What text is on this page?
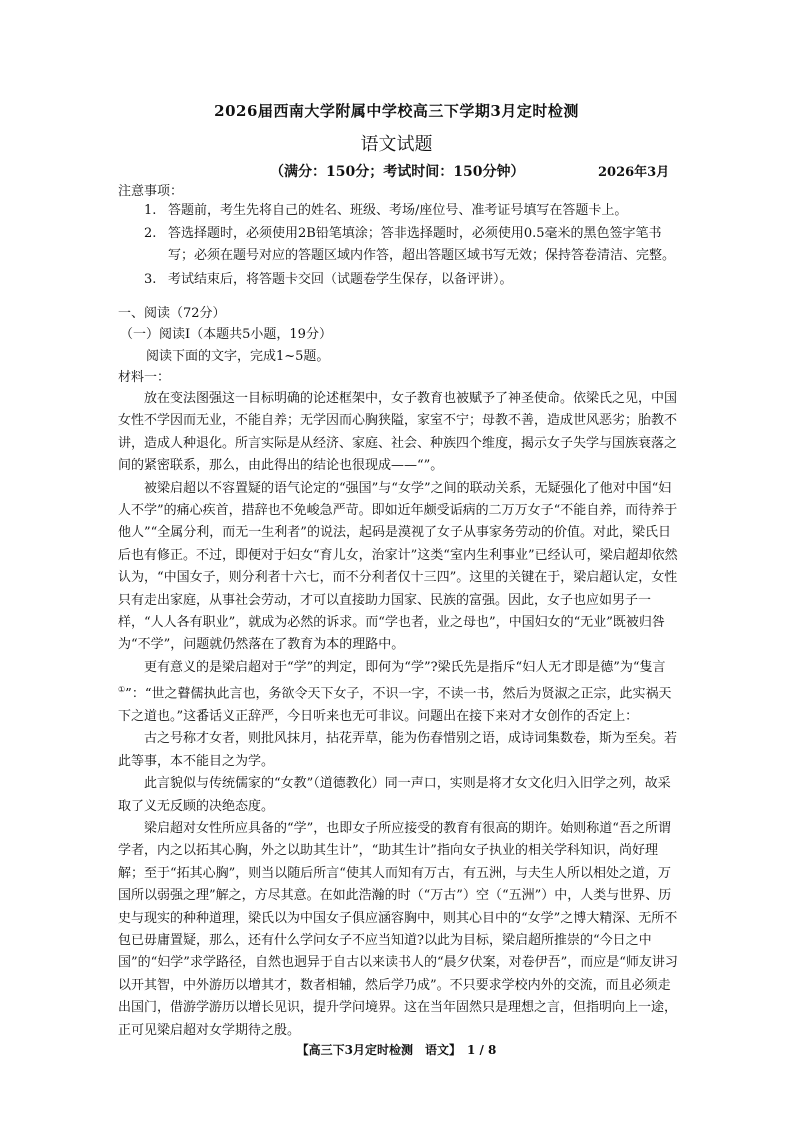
2026届西南大学附属中学校高三下学期3月定时检测
语文试题
（满分：150分；考试时间：150分钟）	2026年3月
注意事项：
1. 答题前，考生先将自己的姓名、班级、考场/座位号、准考证号填写在答题卡上。
2. 答选择题时，必须使用2B铅笔填涂；答非选择题时，必须使用0.5毫米的黑色签字笔书写；必须在题号对应的答题区域内作答，超出答题区域书写无效；保持答卷清洁、完整。
3. 考试结束后，将答题卡交回（试题卷学生保存，以备评讲）。
一、阅读（72分）
（一）阅读Ⅰ（本题共5小题，19分）
阅读下面的文字，完成1~5题。
材料一：

放在变法图强这一目标明确的论述框架中，女子教育也被赋予了神圣使命。依梁氏之见，中国女性不学因而无业，不能自养；无学因而心胸狭隘，家室不宁；母教不善，造成世风恶劣；胎教不讲，造成人种退化。所言实际是从经济、家庭、社会、种族四个维度，揭示女子失学与国族衰落之间的紧密联系，那么，由此得出的结论也很现成——“”。

被梁启超以不容置疑的语气论定的“强国”与“女学”之间的联动关系，无疑强化了他对中国“妇人不学”的痛心疾首，措辞也不免峻急严苛。即如近年颇受诟病的二万万女子“不能自养，而待养于他人”“全属分利，而无一生利者”的说法，起码是漠视了女子从事家务劳动的价值。对此，梁氏日后也有修正。不过，即便对于妇女“育儿女，治家计”这类“室内生利事业”已经认可，梁启超却依然认为，“中国女子，则分利者十六七，而不分利者仅十三四”。这里的关键在于，梁启超认定，女性只有走出家庭，从事社会劳动，才可以直接助力国家、民族的富强。因此，女子也应如男子一样，“人人各有职业”，就成为必然的诉求。而“学也者，业之母也”，中国妇女的“无业”既被归咎为“不学”，问题就仍然落在了教育为本的理路中。

更有意义的是梁启超对于“学”的判定，即何为“学”?梁氏先是指斥“妇人无才即是德”为“隻言①”：“世之瞽儒执此言也，务欲令天下女子，不识一字，不读一书，然后为贤淑之正宗，此实祸天下之道也。”这番话义正辞严，今日听来也无可非议。问题出在接下来对才女创作的否定上：

古之号称才女者，则批风抹月，拈花弄草，能为伤春惜别之语，成诗词集数卷，斯为至矣。若此等事，本不能目之为学。

此言貌似与传统儒家的“女教”（道德教化）同一声口，实则是将才女文化归入旧学之列，故采取了义无反顾的决绝态度。

梁启超对女性所应具备的“学”，也即女子所应接受的教育有很高的期许。始则称道“吾之所谓学者，内之以拓其心胸，外之以助其生计”，“助其生计”指向女子执业的相关学科知识，尚好理解；至于“拓其心胸”，则当以随后所言“使其人而知有万古，有五洲，与夫生人所以相处之道，万国所以弱强之理”解之，方尽其意。在如此浩瀚的时（“万古”）空（“五洲”）中，人类与世界、历史与现实的种种道理，梁氏以为中国女子俱应涵容胸中，则其心目中的“女学”之博大精深、无所不包已毋庸置疑，那么，还有什么学问女子不应当知道?以此为目标，梁启超所推崇的“今日之中国”的“妇学”求学路径，自然也迥异于自古以来读书人的“晨夕伏案，对卷伊吾”，而应是“师友讲习以开其智，中外游历以增其才，数者相辅，然后学乃成”。不只要求学校内外的交流，而且必须走出国门，借游学游历以增长见识，提升学问境界。这在当年固然只是理想之言，但指明向上一途，正可见梁启超对女学期待之殷。

【高三下3月定时检测　语文】　1 / 8
